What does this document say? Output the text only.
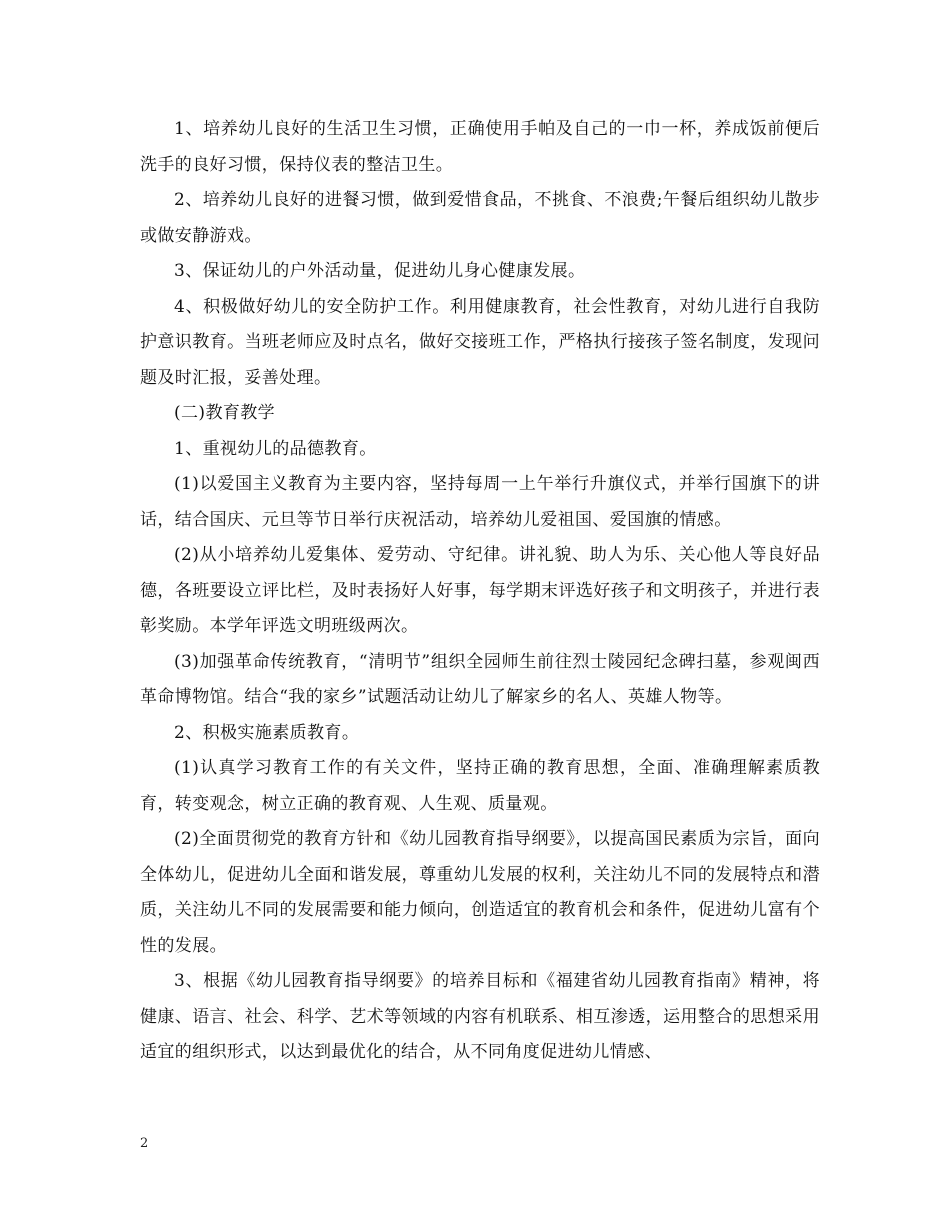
1、培养幼儿良好的生活卫生习惯，正确使用手帕及自己的一巾一杯，养成饭前便后洗手的良好习惯，保持仪表的整洁卫生。

2、培养幼儿良好的进餐习惯，做到爱惜食品，不挑食、不浪费;午餐后组织幼儿散步或做安静游戏。

3、保证幼儿的户外活动量，促进幼儿身心健康发展。

4、积极做好幼儿的安全防护工作。利用健康教育，社会性教育，对幼儿进行自我防护意识教育。当班老师应及时点名，做好交接班工作，严格执行接孩子签名制度，发现问题及时汇报，妥善处理。

(二)教育教学

1、重视幼儿的品德教育。

(1)以爱国主义教育为主要内容，坚持每周一上午举行升旗仪式，并举行国旗下的讲话，结合国庆、元旦等节日举行庆祝活动，培养幼儿爱祖国、爱国旗的情感。

(2)从小培养幼儿爱集体、爱劳动、守纪律。讲礼貌、助人为乐、关心他人等良好品德，各班要设立评比栏，及时表扬好人好事，每学期末评选好孩子和文明孩子，并进行表彰奖励。本学年评选文明班级两次。

(3)加强革命传统教育，“清明节”组织全园师生前往烈士陵园纪念碑扫墓，参观闽西革命博物馆。结合“我的家乡”试题活动让幼儿了解家乡的名人、英雄人物等。

2、积极实施素质教育。

(1)认真学习教育工作的有关文件，坚持正确的教育思想，全面、准确理解素质教育，转变观念，树立正确的教育观、人生观、质量观。

(2)全面贯彻党的教育方针和《幼儿园教育指导纲要》，以提高国民素质为宗旨，面向全体幼儿，促进幼儿全面和谐发展，尊重幼儿发展的权利，关注幼儿不同的发展特点和潜质，关注幼儿不同的发展需要和能力倾向，创造适宜的教育机会和条件，促进幼儿富有个性的发展。

3、根据《幼儿园教育指导纲要》的培养目标和《福建省幼儿园教育指南》精神，将健康、语言、社会、科学、艺术等领域的内容有机联系、相互渗透，运用整合的思想采用适宜的组织形式，以达到最优化的结合，从不同角度促进幼儿情感、

2
